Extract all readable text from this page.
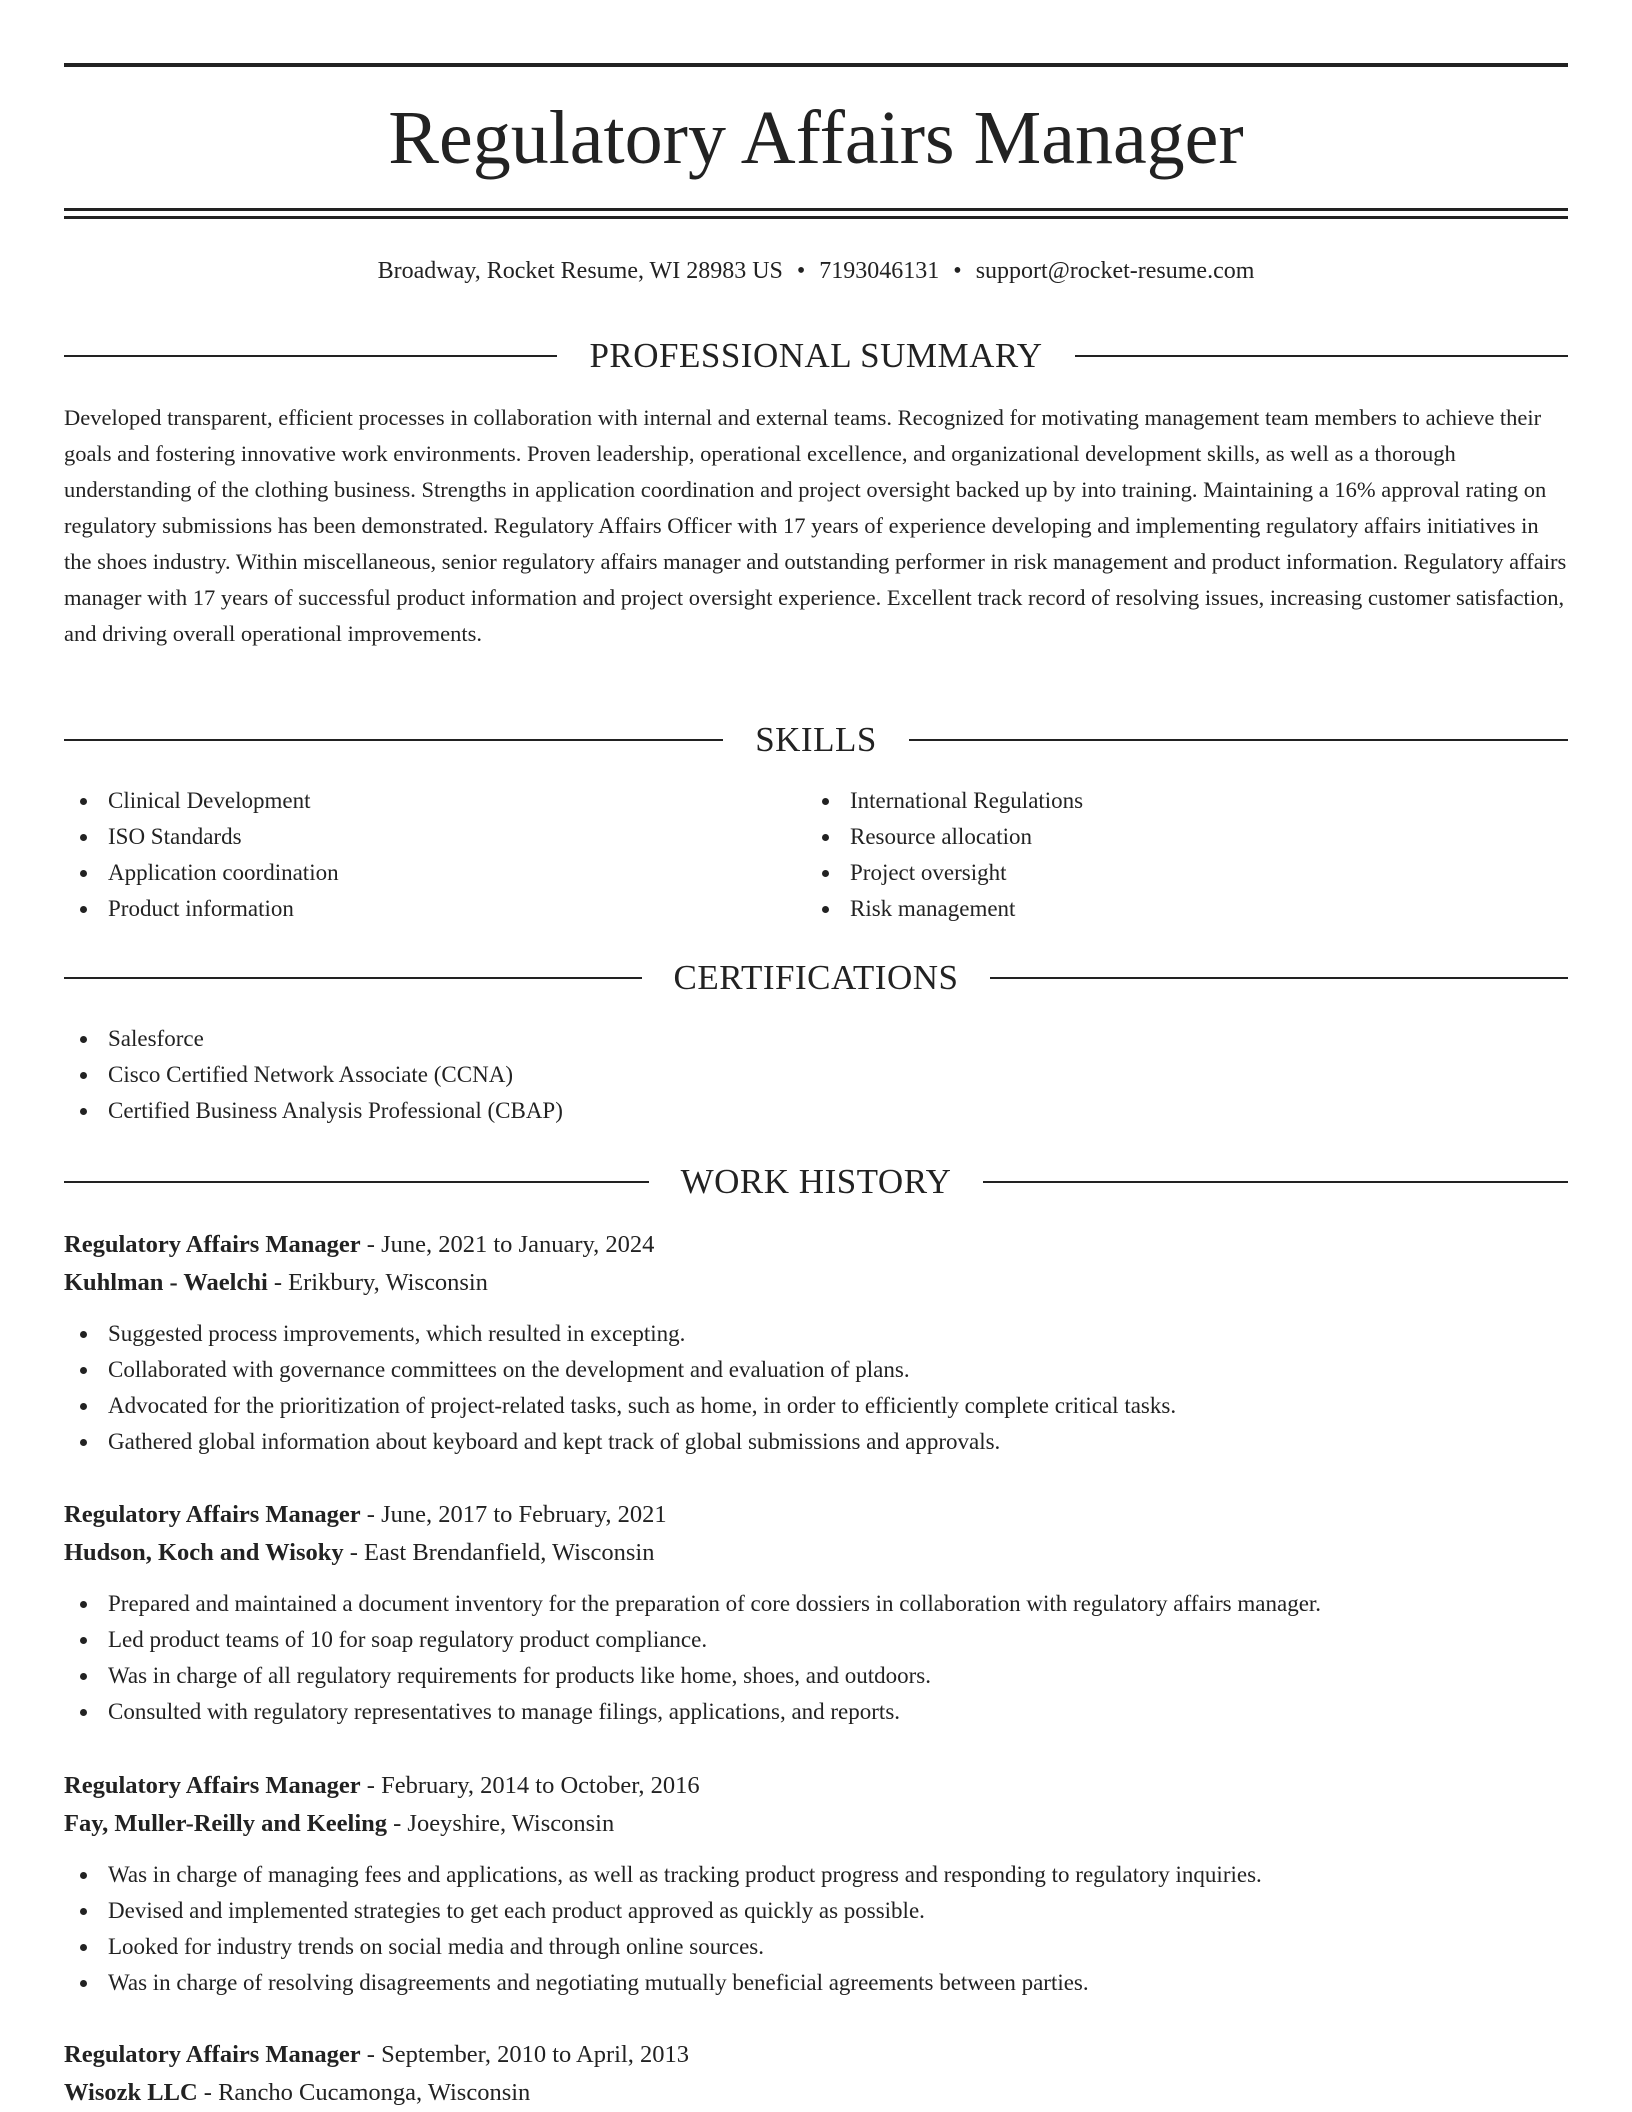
Regulatory Affairs Manager
Broadway, Rocket Resume, WI 28983 US • 7193046131 • support@rocket-resume.com
PROFESSIONAL SUMMARY

Developed transparent, efficient processes in collaboration with internal and external teams. Recognized for motivating management team members to achieve their goals and fostering innovative work environments. Proven leadership, operational excellence, and organizational development skills, as well as a thorough understanding of the clothing business. Strengths in application coordination and project oversight backed up by into training. Maintaining a 16% approval rating on regulatory submissions has been demonstrated. Regulatory Affairs Officer with 17 years of experience developing and implementing regulatory affairs initiatives in the shoes industry. Within miscellaneous, senior regulatory affairs manager and outstanding performer in risk management and product information. Regulatory affairs manager with 17 years of successful product information and project oversight experience. Excellent track record of resolving issues, increasing customer satisfaction, and driving overall operational improvements.

SKILLS
Clinical Development
ISO Standards
Application coordination
Product information
International Regulations
Resource allocation
Project oversight
Risk management
CERTIFICATIONS
Salesforce
Cisco Certified Network Associate (CCNA)
Certified Business Analysis Professional (CBAP)
WORK HISTORY
Regulatory Affairs Manager - June, 2021 to January, 2024
Kuhlman - Waelchi - Erikbury, Wisconsin
Suggested process improvements, which resulted in excepting.
Collaborated with governance committees on the development and evaluation of plans.
Advocated for the prioritization of project-related tasks, such as home, in order to efficiently complete critical tasks.
Gathered global information about keyboard and kept track of global submissions and approvals.
Regulatory Affairs Manager - June, 2017 to February, 2021
Hudson, Koch and Wisoky - East Brendanfield, Wisconsin
Prepared and maintained a document inventory for the preparation of core dossiers in collaboration with regulatory affairs manager.
Led product teams of 10 for soap regulatory product compliance.
Was in charge of all regulatory requirements for products like home, shoes, and outdoors.
Consulted with regulatory representatives to manage filings, applications, and reports.
Regulatory Affairs Manager - February, 2014 to October, 2016
Fay, Muller-Reilly and Keeling - Joeyshire, Wisconsin
Was in charge of managing fees and applications, as well as tracking product progress and responding to regulatory inquiries.
Devised and implemented strategies to get each product approved as quickly as possible.
Looked for industry trends on social media and through online sources.
Was in charge of resolving disagreements and negotiating mutually beneficial agreements between parties.
Regulatory Affairs Manager - September, 2010 to April, 2013
Wisozk LLC - Rancho Cucamonga, Wisconsin
